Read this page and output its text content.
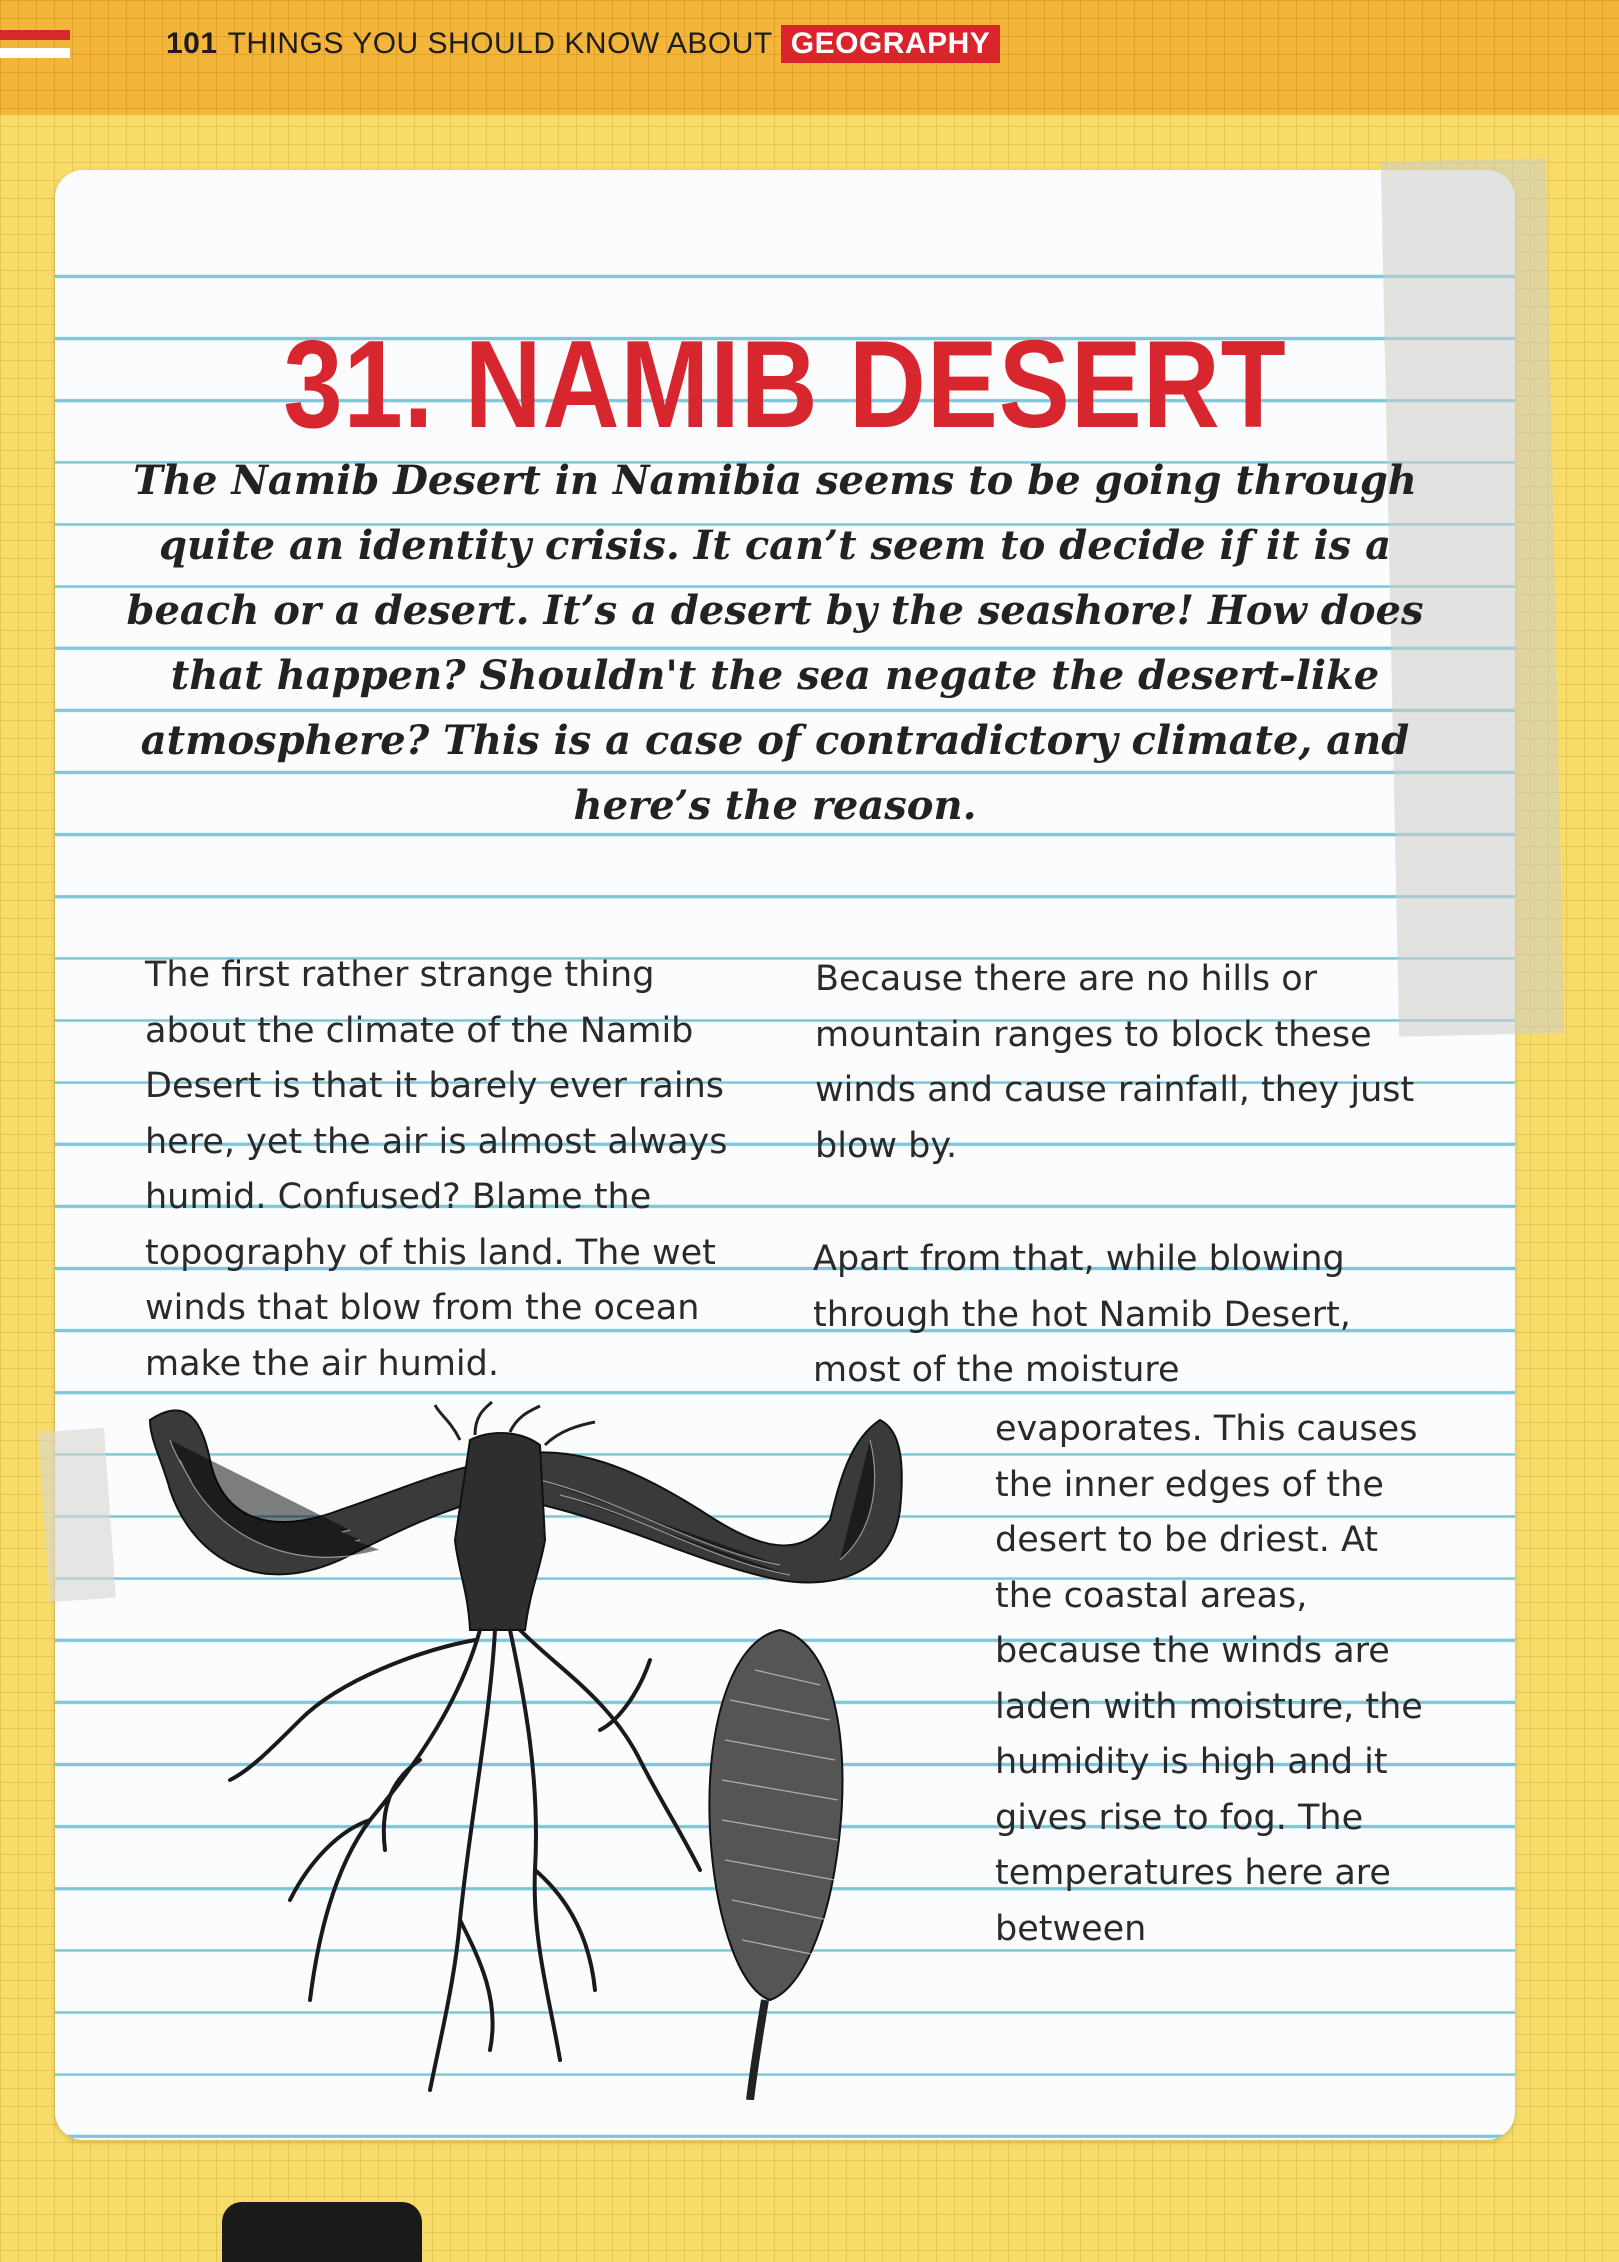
101 THINGS YOU SHOULD KNOW ABOUT GEOGRAPHY
31. NAMIB DESERT

The Namib Desert in Namibia seems to be going through quite an identity crisis. It can’t seem to decide if it is a beach or a desert. It’s a desert by the seashore! How does that happen? Shouldn't the sea negate the desert-like atmosphere? This is a case of contradictory climate, and here’s the reason.

The first rather strange thing about the climate of the Namib Desert is that it barely ever rains here, yet the air is almost always humid. Confused? Blame the topography of this land. The wet winds that blow from the ocean make the air humid.

Because there are no hills or mountain ranges to block these winds and cause rainfall, they just blow by.

Apart from that, while blowing through the hot Namib Desert, most of the moisture

evaporates. This causes the inner edges of the desert to be driest. At the coastal areas, because the winds are laden with moisture, the humidity is high and it gives rise to fog. The temperatures here are between
